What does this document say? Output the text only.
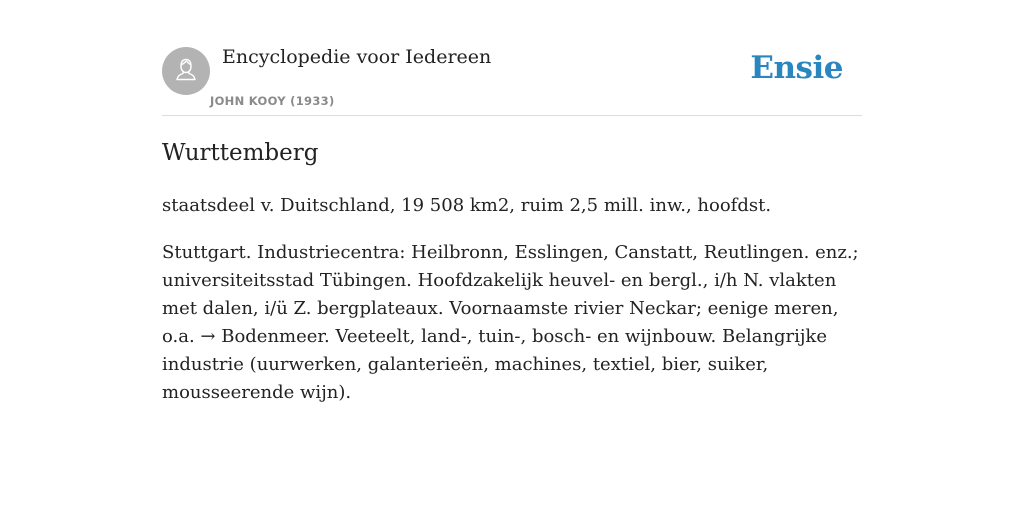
Encyclopedie voor Iedereen
JOHN KOOY (1933)
Ensie
Wurttemberg

staatsdeel v. Duitschland, 19 508 km2, ruim 2,5 mill. inw., hoofdst.

Stuttgart. Industriecentra: Heilbronn, Esslingen, Canstatt, Reutlingen. enz.; universiteitsstad Tübingen. Hoofdzakelijk heuvel- en bergl., i/h N. vlakten met dalen, i/ü Z. bergplateaux. Voornaamste rivier Neckar; eenige meren, o.a. → Bodenmeer. Veeteelt, land-, tuin-, bosch- en wijnbouw. Belangrijke industrie (uurwerken, galanterieën, machines, textiel, bier, suiker, mousseerende wijn).
